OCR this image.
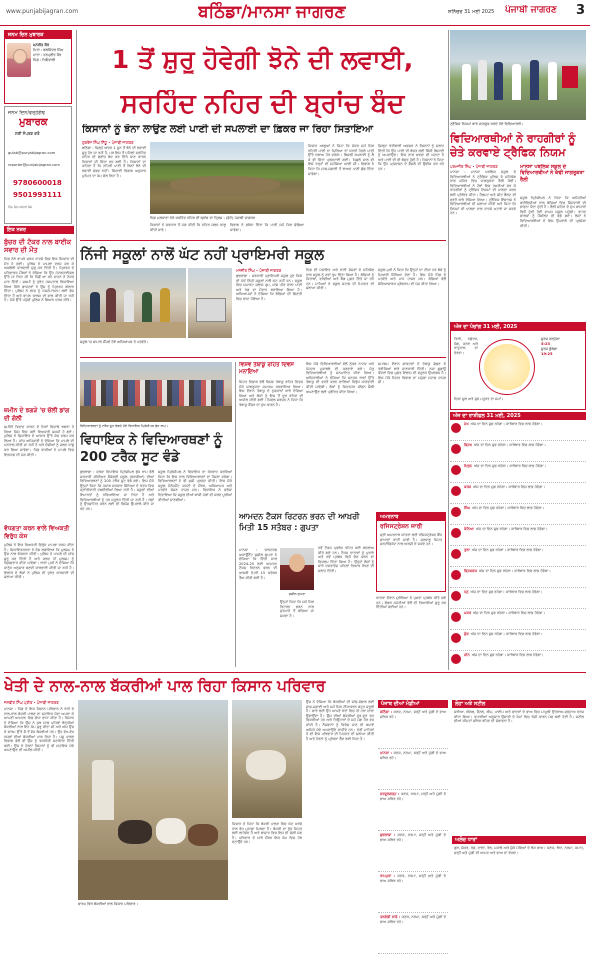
www.punjabijagran.com	ਬਠਿੰਡਾ/ਮਾਨਸਾ ਜਾਗਰਣ	ਸ਼ਨਿੱਚਰ 31 ਮਈ 2025 ਪੰਜਾਬੀ ਜਾਗਰਣ 3
ਜਨਮ ਦਿਨ ਮੁਬਾਰਕ
ਮਨਰੀਤ ਕੌਰ
ਪਿਤਾ : ਬਲਜਿੰਦਰ ਸਿੰਘ
ਮਾਤਾ : ਹਰਪ੍ਰੀਤ ਕੌਰ
ਪਿੰਡ : ਖਿਓਵਾਲੀ
ਜਨਮ ਦਿਨ/ਵਰ੍ਹੇਗੰਢ
ਮੁਬਾਰਕ
ਲਈ ਸੰਪਰਕ ਕਰੋ
gulab@punjabijagran.com
reporter@punjabijagran.com
9780600018
9501993111
ਤਿੰਨ ਦਿਨ ਪਹਿਲਾਂ ਭੇਜੋ
ਇਕ ਨਜ਼ਰ
ਬੁੱਚਰ ਦੀ ਟੱਕਰ ਨਾਲ ਬਾਈਕ ਸਵਾਰ ਦੀ ਮੌਤ

ਪਿੰਡ ਨੇੜੇ ਵਾਪਰੇ ਸੜਕ ਹਾਦਸੇ ਵਿਚ ਇਕ ਨੌਜਵਾਨ ਦੀ ਮੌਤ ਹੋ ਗਈ। ਪੁਲਿਸ ਨੇ ਮਾਮਲਾ ਦਰਜ ਕਰ ਕੇ ਅਗਲੇਰੀ ਕਾਰਵਾਈ ਸ਼ੁਰੂ ਕਰ ਦਿੱਤੀ ਹੈ। ਮ੍ਰਿਤਕ ਦੇ ਪਰਿਵਾਰਕ ਮੈਂਬਰਾਂ ਨੇ ਦੱਸਿਆ ਕਿ ਉਹ ਮੋਟਰਸਾਈਕਲ ਉੱਤੇ ਜਾ ਰਿਹਾ ਸੀ ਕਿ ਪਿੱਛੋਂ ਆ ਰਹੇ ਵਾਹਨ ਨੇ ਟੱਕਰ ਮਾਰ ਦਿੱਤੀ। ਜ਼ਖ਼ਮੀ ਨੂੰ ਤੁਰੰਤ ਹਸਪਤਾਲ ਲਿਜਾਇਆ ਗਿਆ ਜਿੱਥੇ ਡਾਕਟਰਾਂ ਨੇ ਉਸ ਨੂੰ ਮ੍ਰਿਤਕ ਐਲਾਨ ਦਿੱਤਾ। ਪੁਲਿਸ ਨੇ ਲਾਸ਼ ਨੂੰ ਪੋਸਟਮਾਰਟਮ ਲਈ ਭੇਜ ਦਿੱਤਾ ਹੈ ਅਤੇ ਵਾਹਨ ਚਾਲਕ ਦੀ ਭਾਲ ਕੀਤੀ ਜਾ ਰਹੀ ਹੈ। ਮੌਕੇ ਉੱਤੇ ਪਹੁੰਚੀ ਪੁਲਿਸ ਨੇ ਬਿਆਨ ਦਰਜ ਕੀਤੇ।

ਜ਼ਮੀਨ ਦੇ ਝਗੜੇ 'ਚ ਚੱਲੀ ਡਾਂਗ ਦੀ ਗੱਲੀ

ਜ਼ਮੀਨੀ ਵਿਵਾਦ ਕਾਰਨ ਦੋ ਧਿਰਾਂ ਵਿਚਾਲੇ ਝਗੜਾ ਹੋ ਗਿਆ ਜਿਸ ਵਿਚ ਕਈ ਵਿਅਕਤੀ ਜ਼ਖ਼ਮੀ ਹੋ ਗਏ। ਪੁਲਿਸ ਨੇ ਸ਼ਿਕਾਇਤ ਦੇ ਆਧਾਰ ਉੱਤੇ ਕੇਸ ਦਰਜ ਕਰ ਲਿਆ ਹੈ। ਜਾਂਚ ਅਧਿਕਾਰੀ ਨੇ ਦੱਸਿਆ ਕਿ ਮਾਮਲੇ ਦੀ ਪੜਤਾਲ ਕੀਤੀ ਜਾ ਰਹੀ ਹੈ ਅਤੇ ਦੋਸ਼ੀਆਂ ਨੂੰ ਜਲਦ ਕਾਬੂ ਕਰ ਲਿਆ ਜਾਵੇਗਾ। ਪਿੰਡ ਵਾਸੀਆਂ ਨੇ ਮਾਮਲੇ ਵਿਚ ਇਨਸਾਫ਼ ਦੀ ਮੰਗ ਕੀਤੀ।

ਵੱਧਗਤਾ ਕਰਨ ਵਾਲੇ ਵਿਅਕਤੀ ਵਿਰੁੱਧ ਕੇਸ

ਪੁਲਿਸ ਨੇ ਇਕ ਵਿਅਕਤੀ ਵਿਰੁੱਧ ਮਾਮਲਾ ਦਰਜ ਕੀਤਾ ਹੈ। ਸ਼ਿਕਾਇਤਕਰਤਾ ਨੇ ਦੋਸ਼ ਲਗਾਇਆ ਕਿ ਮੁਲਜ਼ਮ ਨੇ ਉਸ ਨਾਲ ਵੱਧਗਤਾ ਕੀਤੀ। ਪੁਲਿਸ ਨੇ ਮਾਮਲੇ ਦੀ ਜਾਂਚ ਸ਼ੁਰੂ ਕਰ ਦਿੱਤੀ ਹੈ ਅਤੇ ਜਲਦ ਹੀ ਮੁਲਜ਼ਮ ਨੂੰ ਗ੍ਰਿਫ਼ਤਾਰ ਕੀਤਾ ਜਾਵੇਗਾ। ਥਾਣਾ ਮੁਖੀ ਨੇ ਦੱਸਿਆ ਕਿ ਕਾਨੂੰਨ ਅਨੁਸਾਰ ਬਣਦੀ ਕਾਰਵਾਈ ਕੀਤੀ ਜਾ ਰਹੀ ਹੈ। ਇਲਾਕੇ ਦੇ ਲੋਕਾਂ ਨੇ ਪੁਲਿਸ ਦੀ ਤੁਰੰਤ ਕਾਰਵਾਈ ਦੀ ਸ਼ਲਾਘਾ ਕੀਤੀ।

1 ਤੋਂ ਸ਼ੁਰੂ ਹੋਵੇਗੀ ਝੋਨੇ ਦੀ ਲਵਾਈ,
ਸਰਹਿੰਦ ਨਹਿਰ ਦੀ ਬ੍ਰਾਂਚ ਬੰਦ
ਕਿਸਾਨਾਂ ਨੂੰ ਝੋਨਾ ਲਾਉਣ ਲਈ ਪਾਣੀ ਦੀ ਸਪਲਾਈ ਦਾ ਫ਼ਿਕਰ ਜਾ ਰਿਹਾ ਸਿਤਾਇਆ
ਗੁਰਤੇਜ ਸਿੰਘ ਸਿੱਧੂ • ਪੰਜਾਬੀ ਜਾਗਰਣ

ਬਠਿੰਡਾ : ਜ਼ਿਲ੍ਹੇ ਅੰਦਰ 1 ਜੂਨ ਤੋਂ ਝੋਨੇ ਦੀ ਲਵਾਈ ਸ਼ੁਰੂ ਹੋਣ ਜਾ ਰਹੀ ਹੈ, ਪਰ ਇਸ ਤੋਂ ਪਹਿਲਾਂ ਸਰਹਿੰਦ ਨਹਿਰ ਦੀ ਬ੍ਰਾਂਚ ਬੰਦ ਕਰ ਦਿੱਤੇ ਜਾਣ ਕਾਰਨ ਕਿਸਾਨਾਂ ਦੀ ਚਿੰਤਾ ਵਧ ਗਈ ਹੈ। ਕਿਸਾਨਾਂ ਦਾ ਕਹਿਣਾ ਹੈ ਕਿ ਨਹਿਰੀ ਪਾਣੀ ਤੋਂ ਬਿਨਾਂ ਝੋਨੇ ਦੀ ਲਵਾਈ ਸੰਭਵ ਨਹੀਂ। ਸਿੰਚਾਈ ਵਿਭਾਗ ਅਨੁਸਾਰ ਮੁਰੰਮਤ ਦਾ ਕੰਮ ਚੱਲ ਰਿਹਾ ਹੈ।

ਪਿੰਡ ਮਲਕਾਣਾ ਨੇੜੇ ਸਰਹਿੰਦ ਨਹਿਰ ਦੀ ਬ੍ਰਾਂਚ ਦਾ ਦ੍ਰਿਸ਼। (ਫ਼ੋਟੋ) ਪੰਜਾਬੀ ਜਾਗਰਣ

ਕਿਸਾਨਾਂ ਨੇ ਸਰਕਾਰ ਤੋਂ ਮੰਗ ਕੀਤੀ ਕਿ ਨਹਿਰ ਜਲਦ ਚਾਲੂ ਕੀਤੀ ਜਾਵੇ।

ਵਿਭਾਗ ਨੇ ਭਰੋਸਾ ਦਿੱਤਾ ਕਿ ਪਾਣੀ ਸਮੇਂ ਸਿਰ ਛੱਡਿਆ ਜਾਵੇਗਾ।

ਕਿਸਾਨ ਆਗੂਆਂ ਨੇ ਕਿਹਾ ਕਿ ਜੇਕਰ ਸਮੇਂ ਸਿਰ ਨਹਿਰੀ ਪਾਣੀ ਨਾ ਮਿਲਿਆ ਤਾਂ ਧਰਤੀ ਹੇਠਲੇ ਪਾਣੀ ਉੱਤੇ ਦਬਾਅ ਹੋਰ ਵਧੇਗਾ। ਬਿਜਲੀ ਸਪਲਾਈ ਨੂੰ ਲੈ ਕੇ ਵੀ ਚਿੰਤਾ ਪ੍ਰਗਟਾਈ ਗਈ। ਪਿਛਲੇ ਸਾਲ ਵੀ ਇਸੇ ਤਰ੍ਹਾਂ ਦੀ ਸਮੱਸਿਆ ਆਈ ਸੀ। ਵਿਭਾਗ ਨੇ ਕਿਹਾ ਕਿ ਸਾਫ਼-ਸਫ਼ਾਈ ਤੋਂ ਬਾਅਦ ਪਾਣੀ ਛੱਡ ਦਿੱਤਾ ਜਾਵੇਗਾ।

ਜ਼ਿਲ੍ਹਾ ਖੇਤੀਬਾੜੀ ਅਫ਼ਸਰ ਨੇ ਕਿਸਾਨਾਂ ਨੂੰ ਸਲਾਹ ਦਿੱਤੀ ਕਿ ਉਹ ਪਾਣੀ ਦੀ ਬੱਚਤ ਲਈ ਸਿੱਧੀ ਬਿਜਾਈ ਨੂੰ ਅਪਣਾਉਣ। ਇਸ ਨਾਲ ਖ਼ਰਚਾ ਵੀ ਘਟਦਾ ਹੈ ਅਤੇ ਪਾਣੀ ਦੀ ਵੀ ਬੱਚਤ ਹੁੰਦੀ ਹੈ। ਕਿਸਾਨਾਂ ਨੇ ਕਿਹਾ ਕਿ ਉਹ ਪ੍ਰਸ਼ਾਸਨ ਦੇ ਫ਼ੈਸਲੇ ਦੀ ਉਡੀਕ ਕਰ ਰਹੇ ਹਨ।

ਨਿੱਜੀ ਸਕੂਲਾਂ ਨਾਲੋਂ ਘੱਟ ਨਹੀਂ ਪ੍ਰਾਇਮਰੀ ਸਕੂਲ
ਸਕੂਲ 'ਚ ਸਾਮਾਨ ਸੌਂਪਦੇ ਹੋਏ ਅਧਿਆਪਕ ਤੇ ਪਤਵੰਤੇ।
ਮਨਜੀਤ ਸਿੰਘ • ਪੰਜਾਬੀ ਜਾਗਰਣ

ਬੁਢਲਾਡਾ : ਸਰਕਾਰੀ ਪ੍ਰਾਇਮਰੀ ਸਕੂਲ ਹੁਣ ਕਿਸੇ ਵੀ ਪੱਖੋਂ ਨਿੱਜੀ ਸਕੂਲਾਂ ਨਾਲੋਂ ਘੱਟ ਨਹੀਂ ਹਨ। ਸਕੂਲ ਵਿਚ ਸਮਾਰਟ ਕਲਾਸ ਰੂਮ, ਸਾਫ਼ ਪੀਣ ਵਾਲਾ ਪਾਣੀ ਅਤੇ ਖੇਡ ਦਾ ਮੈਦਾਨ ਬਣਾਇਆ ਗਿਆ ਹੈ। ਅਧਿਆਪਕਾਂ ਨੇ ਦੱਸਿਆ ਕਿ ਬੱਚਿਆਂ ਦੀ ਗਿਣਤੀ ਵਿਚ ਵਾਧਾ ਹੋਇਆ ਹੈ।

ਪਿੰਡ ਦੀ ਪੰਚਾਇਤ ਅਤੇ ਦਾਨੀ ਸੱਜਣਾਂ ਦੇ ਸਹਿਯੋਗ ਨਾਲ ਸਕੂਲ ਨੂੰ ਨਵਾਂ ਰੂਪ ਦਿੱਤਾ ਗਿਆ ਹੈ। ਬੱਚਿਆਂ ਨੂੰ ਕਿਤਾਬਾਂ, ਵਰਦੀਆਂ ਅਤੇ ਬੈਗ ਮੁਫ਼ਤ ਦਿੱਤੇ ਜਾ ਰਹੇ ਹਨ। ਮਾਪਿਆਂ ਨੇ ਸਕੂਲ ਸਟਾਫ਼ ਦੀ ਮਿਹਨਤ ਦੀ ਸ਼ਲਾਘਾ ਕੀਤੀ।

ਸਕੂਲ ਮੁਖੀ ਨੇ ਕਿਹਾ ਕਿ ਉਨ੍ਹਾਂ ਦਾ ਟੀਚਾ ਹਰ ਬੱਚੇ ਨੂੰ ਮਿਆਰੀ ਸਿੱਖਿਆ ਦੇਣਾ ਹੈ। ਇਸ ਮੌਕੇ ਪਿੰਡ ਦੇ ਪਤਵੰਤੇ ਅਤੇ ਮਾਪੇ ਹਾਜ਼ਰ ਸਨ। ਬੱਚਿਆਂ ਵੱਲੋਂ ਸੱਭਿਆਚਾਰਕ ਪ੍ਰੋਗਰਾਮ ਵੀ ਪੇਸ਼ ਕੀਤਾ ਗਿਆ।

ਵਿਦਿਆਰਥਣਾਂ ਨੂੰ ਟਰੈਕ ਸੂਟ ਵੰਡਦੇ ਹੋਏ ਵਿਧਾਇਕ ਪ੍ਰਿੰਸੀਪਲ ਬੁੱਧ ਰਾਮ।
ਵਿਧਾਇਕ ਨੇ ਵਿਦਿਆਰਥਣਾਂ ਨੂੰ 200 ਟਰੈਕ ਸੂਟ ਵੰਡੇ

ਬੁਢਲਾਡਾ : ਹਲਕਾ ਵਿਧਾਇਕ ਪ੍ਰਿੰਸੀਪਲ ਬੁੱਧ ਰਾਮ ਵੱਲੋਂ ਸਰਕਾਰੀ ਸੀਨੀਅਰ ਸੈਕੰਡਰੀ ਸਕੂਲ (ਲੜਕੀਆਂ) ਦੀਆਂ ਵਿਦਿਆਰਥਣਾਂ ਨੂੰ 200 ਟਰੈਕ ਸੂਟ ਵੰਡੇ ਗਏ। ਇਸ ਮੌਕੇ ਉਨ੍ਹਾਂ ਕਿਹਾ ਕਿ ਪੰਜਾਬ ਸਰਕਾਰ ਸਿੱਖਿਆ ਦੇ ਖੇਤਰ ਵਿਚ ਕ੍ਰਾਂਤੀਕਾਰੀ ਤਬਦੀਲੀਆਂ ਲਿਆ ਰਹੀ ਹੈ। ਸਕੂਲਾਂ ਦੀਆਂ ਇਮਾਰਤਾਂ ਨੂੰ ਨਵਿਆਇਆ ਜਾ ਰਿਹਾ ਹੈ ਅਤੇ ਵਿਦਿਆਰਥੀਆਂ ਨੂੰ ਹਰ ਸਹੂਲਤ ਦਿੱਤੀ ਜਾ ਰਹੀ ਹੈ। ਖੇਡਾਂ ਨੂੰ ਉਤਸ਼ਾਹਿਤ ਕਰਨ ਲਈ ਵੀ ਵਿਸ਼ੇਸ਼ ਉਪਰਾਲੇ ਕੀਤੇ ਜਾ ਰਹੇ ਹਨ।

ਸਕੂਲ ਪ੍ਰਿੰਸੀਪਲ ਨੇ ਵਿਧਾਇਕ ਦਾ ਧੰਨਵਾਦ ਕਰਦਿਆਂ ਕਿਹਾ ਕਿ ਇਸ ਨਾਲ ਵਿਦਿਆਰਥਣਾਂ ਦਾ ਹੌਸਲਾ ਵਧੇਗਾ। ਵਿਦਿਆਰਥਣਾਂ ਨੇ ਵੀ ਖ਼ੁਸ਼ੀ ਪ੍ਰਗਟ ਕੀਤੀ। ਇਸ ਮੌਕੇ ਸਕੂਲ ਮੈਨੇਜਮੈਂਟ ਕਮੇਟੀ ਦੇ ਮੈਂਬਰ, ਅਧਿਆਪਕ ਅਤੇ ਪਤਵੰਤੇ ਸੱਜਣ ਹਾਜ਼ਰ ਸਨ। ਵਿਧਾਇਕ ਨੇ ਭਰੋਸਾ ਦਿਵਾਇਆ ਕਿ ਸਕੂਲ ਦੀਆਂ ਬਾਕੀ ਮੰਗਾਂ ਵੀ ਜਲਦ ਪੂਰੀਆਂ ਕੀਤੀਆਂ ਜਾਣਗੀਆਂ।

ਵਿਸ਼ਵ ਤੰਬਾਕੂ ਰਹਿਤ ਦਿਵਸ ਮਨਾਇਆ

ਸਿਹਤ ਵਿਭਾਗ ਵੱਲੋਂ ਵਿਸ਼ਵ ਤੰਬਾਕੂ ਰਹਿਤ ਦਿਵਸ ਮੌਕੇ ਜਾਗਰੂਕਤਾ ਸਮਾਗਮ ਕਰਵਾਇਆ ਗਿਆ। ਇਸ ਦੌਰਾਨ ਤੰਬਾਕੂ ਦੇ ਨੁਕਸਾਨਾਂ ਬਾਰੇ ਦੱਸਿਆ ਗਿਆ ਅਤੇ ਲੋਕਾਂ ਨੂੰ ਇਸ ਤੋਂ ਦੂਰ ਰਹਿਣ ਦੀ ਅਪੀਲ ਕੀਤੀ ਗਈ। ਸਿਵਲ ਸਰਜਨ ਨੇ ਕਿਹਾ ਕਿ ਤੰਬਾਕੂ ਕੈਂਸਰ ਦਾ ਮੁੱਖ ਕਾਰਨ ਹੈ।

ਇਸ ਮੌਕੇ ਵਿਦਿਆਰਥੀਆਂ ਵੱਲੋਂ ਨੁੱਕੜ ਨਾਟਕ ਅਤੇ ਪੋਸਟਰ ਮੁਕਾਬਲੇ ਵੀ ਕਰਵਾਏ ਗਏ। ਜੇਤੂ ਵਿਦਿਆਰਥੀਆਂ ਨੂੰ ਸਨਮਾਨਿਤ ਕੀਤਾ ਗਿਆ। ਅਧਿਕਾਰੀਆਂ ਨੇ ਦੱਸਿਆ ਕਿ ਜਨਤਕ ਥਾਵਾਂ ਉੱਤੇ ਤੰਬਾਕੂ ਦੀ ਵਰਤੋਂ ਕਰਨ ਵਾਲਿਆਂ ਵਿਰੁੱਧ ਕਾਰਵਾਈ ਕੀਤੀ ਜਾਵੇਗੀ। ਲੋਕਾਂ ਨੂੰ ਸਿਹਤਮੰਦ ਜੀਵਨ ਸ਼ੈਲੀ ਅਪਣਾਉਣ ਲਈ ਪ੍ਰੇਰਿਤ ਕੀਤਾ ਗਿਆ।

ਸਮਾਗਮ ਦੌਰਾਨ ਡਾਕਟਰਾਂ ਨੇ ਤੰਬਾਕੂ ਛੱਡਣ ਦੇ ਤਰੀਕਿਆਂ ਬਾਰੇ ਜਾਣਕਾਰੀ ਦਿੱਤੀ। ਨਸ਼ਾ ਛੁਡਾਊ ਕੇਂਦਰਾਂ ਵਿਚ ਮੁਫ਼ਤ ਇਲਾਜ ਦੀ ਸਹੂਲਤ ਉਪਲਬਧ ਹੈ। ਇਸ ਮੌਕੇ ਸਿਹਤ ਵਿਭਾਗ ਦਾ ਸਮੁੱਚਾ ਸਟਾਫ਼ ਹਾਜ਼ਰ ਸੀ।

ਆਮਦਨ ਟੈਕਸ ਰਿਟਰਨ ਭਰਨ ਦੀ ਆਖ਼ਰੀ ਮਿਤੀ 15 ਸਤੰਬਰ : ਗੁਪਤਾ

ਮਾਨਸਾ : ਚਾਰਟਰਡ ਅਕਾਊਂਟੈਂਟ ਸੁਸ਼ੀਲ ਗੁਪਤਾ ਨੇ ਦੱਸਿਆ ਕਿ ਵਿੱਤੀ ਸਾਲ 2024-25 ਲਈ ਆਮਦਨ ਟੈਕਸ ਰਿਟਰਨ ਭਰਨ ਦੀ ਆਖ਼ਰੀ ਮਿਤੀ 15 ਸਤੰਬਰ ਤੈਅ ਕੀਤੀ ਗਈ ਹੈ।

ਸੁਸ਼ੀਲ ਗੁਪਤਾ

ਉਨ੍ਹਾਂ ਕਿਹਾ ਕਿ ਸਮੇਂ ਸਿਰ ਰਿਟਰਨ ਭਰਨ ਨਾਲ ਜੁਰਮਾਨੇ ਤੋਂ ਬਚਿਆ ਜਾ ਸਕਦਾ ਹੈ।

ਨਵੇਂ ਟੈਕਸ ਪ੍ਰਬੰਧ ਤਹਿਤ ਕਈ ਬਦਲਾਅ ਕੀਤੇ ਗਏ ਹਨ। ਟੈਕਸ ਦਾਤਾਵਾਂ ਨੂੰ ਪੁਰਾਣੇ ਅਤੇ ਨਵੇਂ ਪ੍ਰਬੰਧ ਵਿਚੋਂ ਚੋਣ ਕਰਨ ਦਾ ਵਿਕਲਪ ਦਿੱਤਾ ਗਿਆ ਹੈ। ਉਨ੍ਹਾਂ ਲੋਕਾਂ ਨੂੰ ਸਾਰੇ ਦਸਤਾਵੇਜ਼ ਪਹਿਲਾਂ ਤਿਆਰ ਰੱਖਣ ਦੀ ਸਲਾਹ ਦਿੱਤੀ।

ਅਮਰਨਾਥ
ਰਜਿਸਟ੍ਰੇਸ਼ਨ ਜਾਰੀ
ਸ੍ਰੀ ਅਮਰਨਾਥ ਯਾਤਰਾ ਲਈ ਰਜਿਸਟ੍ਰੇਸ਼ਨ ਬੈਂਕ ਸ਼ਾਖਾਵਾਂ ਰਾਹੀਂ ਜਾਰੀ ਹੈ। ਸ਼ਰਧਾਲੂ ਸਿਹਤ ਸਰਟੀਫ਼ਿਕੇਟ ਨਾਲ ਅਰਜ਼ੀ ਦੇ ਸਕਦੇ ਹਨ।

ਯਾਤਰਾ ਦੌਰਾਨ ਸੁਰੱਖਿਆ ਦੇ ਪੁਖ਼ਤਾ ਪ੍ਰਬੰਧ ਕੀਤੇ ਗਏ ਹਨ। ਲੰਗਰ ਕਮੇਟੀਆਂ ਵੱਲੋਂ ਵੀ ਤਿਆਰੀਆਂ ਸ਼ੁਰੂ ਕਰ ਦਿੱਤੀਆਂ ਗਈਆਂ ਹਨ।

ਟ੍ਰੈਫਿਕ ਨਿਯਮਾਂ ਬਾਰੇ ਜਾਗਰੂਕ ਕਰਦੇ ਹੋਏ ਵਿਦਿਆਰਥੀ।
ਵਿਦਿਆਰਥੀਆਂ ਨੇ ਰਾਹਗੀਰਾਂ ਨੂੰ ਚੇਤੇ ਕਰਵਾਏ ਟ੍ਰੈਫਿਕ ਨਿਯਮ
ਪਰਮਜੀਤ ਸਿੰਘ • ਪੰਜਾਬੀ ਜਾਗਰਣ

ਮਾਨਸਾ : ਮਾਨਸਾ ਪਬਲਿਕ ਸਕੂਲ ਦੇ ਵਿਦਿਆਰਥੀਆਂ ਨੇ ਟ੍ਰੈਫਿਕ ਪੁਲਿਸ ਦੇ ਸਹਿਯੋਗ ਨਾਲ ਸ਼ਹਿਰ ਵਿਚ ਜਾਗਰੂਕਤਾ ਰੈਲੀ ਕੱਢੀ। ਵਿਦਿਆਰਥੀਆਂ ਨੇ ਹੱਥਾਂ ਵਿਚ ਤਖ਼ਤੀਆਂ ਫੜ ਕੇ ਰਾਹਗੀਰਾਂ ਨੂੰ ਟ੍ਰੈਫਿਕ ਨਿਯਮਾਂ ਦੀ ਪਾਲਣਾ ਕਰਨ ਲਈ ਪ੍ਰੇਰਿਤ ਕੀਤਾ। ਹੈਲਮਟ ਅਤੇ ਸੀਟ ਬੈਲਟ ਦੀ ਵਰਤੋਂ ਬਾਰੇ ਦੱਸਿਆ ਗਿਆ। ਟ੍ਰੈਫਿਕ ਇੰਚਾਰਜ ਨੇ ਵਿਦਿਆਰਥੀਆਂ ਦੀ ਸ਼ਲਾਘਾ ਕੀਤੀ ਅਤੇ ਕਿਹਾ ਕਿ ਨਿਯਮਾਂ ਦੀ ਪਾਲਣਾ ਨਾਲ ਹਾਦਸੇ ਘਟਾਏ ਜਾ ਸਕਦੇ ਹਨ।

ਮਾਨਸਾ ਪਬਲਿਕ ਸਕੂਲ ਦੇ ਵਿਦਿਆਰਥੀਆਂ ਨੇ ਕੱਢੀ ਜਾਗਰੂਕਤਾ ਰੈਲੀ

ਸਕੂਲ ਪ੍ਰਿੰਸੀਪਲ ਨੇ ਕਿਹਾ ਕਿ ਅਜਿਹੀਆਂ ਗਤੀਵਿਧੀਆਂ ਨਾਲ ਬੱਚਿਆਂ ਵਿਚ ਜ਼ਿੰਮੇਵਾਰੀ ਦੀ ਭਾਵਨਾ ਪੈਦਾ ਹੁੰਦੀ ਹੈ। ਰੈਲੀ ਸ਼ਹਿਰ ਦੇ ਮੁੱਖ ਬਾਜ਼ਾਰਾਂ ਵਿਚੋਂ ਹੁੰਦੀ ਹੋਈ ਵਾਪਸ ਸਕੂਲ ਪਹੁੰਚੀ। ਵਾਹਨ ਚਾਲਕਾਂ ਨੂੰ ਪੈਂਫਲਿਟ ਵੀ ਵੰਡੇ ਗਏ। ਲੋਕਾਂ ਨੇ ਵਿਦਿਆਰਥੀਆਂ ਦੇ ਇਸ ਉਪਰਾਲੇ ਦੀ ਪ੍ਰਸ਼ੰਸਾ ਕੀਤੀ।

ਅੱਜ ਦਾ ਪੰਚਾਂਗ 31 ਮਈ, 2025
ਸੂਰਜ ਚੜ੍ਹੇਗਾ
5:23
ਸੂਰਜ ਡੁੱਬੇਗਾ
19:25
ਤਿਥੀ, ਨਛੱਤਰ, ਯੋਗ, ਕਰਣ ਅਤੇ ਰਾਹੂਕਾਲ ਦਾ ਵੇਰਵਾ।
ਦਿਸ਼ਾ ਸ਼ੂਲ ਅਤੇ ਸ਼ੁਭ ਮਹੂਰਤ ਦਾ ਸਮਾਂ।
ਅੱਜ ਦਾ ਰਾਸ਼ੀਫਲ 31 ਮਈ, 2025
ਮੇਖ ਅੱਜ ਦਾ ਦਿਨ ਸ਼ੁਭ ਰਹੇਗਾ। ਕਾਰੋਬਾਰ ਵਿਚ ਲਾਭ ਹੋਵੇਗਾ।
ਬ੍ਰਿਖ ਅੱਜ ਦਾ ਦਿਨ ਸ਼ੁਭ ਰਹੇਗਾ। ਕਾਰੋਬਾਰ ਵਿਚ ਲਾਭ ਹੋਵੇਗਾ।
ਮਿਥੁਨ ਅੱਜ ਦਾ ਦਿਨ ਸ਼ੁਭ ਰਹੇਗਾ। ਕਾਰੋਬਾਰ ਵਿਚ ਲਾਭ ਹੋਵੇਗਾ।
ਕਰਕ ਅੱਜ ਦਾ ਦਿਨ ਸ਼ੁਭ ਰਹੇਗਾ। ਕਾਰੋਬਾਰ ਵਿਚ ਲਾਭ ਹੋਵੇਗਾ।
ਸਿੰਘ ਅੱਜ ਦਾ ਦਿਨ ਸ਼ੁਭ ਰਹੇਗਾ। ਕਾਰੋਬਾਰ ਵਿਚ ਲਾਭ ਹੋਵੇਗਾ।
ਕੰਨਿਆ ਅੱਜ ਦਾ ਦਿਨ ਸ਼ੁਭ ਰਹੇਗਾ। ਕਾਰੋਬਾਰ ਵਿਚ ਲਾਭ ਹੋਵੇਗਾ।
ਤੁਲਾ ਅੱਜ ਦਾ ਦਿਨ ਸ਼ੁਭ ਰਹੇਗਾ। ਕਾਰੋਬਾਰ ਵਿਚ ਲਾਭ ਹੋਵੇਗਾ।
ਬ੍ਰਿਸ਼ਚਕ ਅੱਜ ਦਾ ਦਿਨ ਸ਼ੁਭ ਰਹੇਗਾ। ਕਾਰੋਬਾਰ ਵਿਚ ਲਾਭ ਹੋਵੇਗਾ।
ਧਨੁ ਅੱਜ ਦਾ ਦਿਨ ਸ਼ੁਭ ਰਹੇਗਾ। ਕਾਰੋਬਾਰ ਵਿਚ ਲਾਭ ਹੋਵੇਗਾ।
ਮਕਰ ਅੱਜ ਦਾ ਦਿਨ ਸ਼ੁਭ ਰਹੇਗਾ। ਕਾਰੋਬਾਰ ਵਿਚ ਲਾਭ ਹੋਵੇਗਾ।
ਕੁੰਭ ਅੱਜ ਦਾ ਦਿਨ ਸ਼ੁਭ ਰਹੇਗਾ। ਕਾਰੋਬਾਰ ਵਿਚ ਲਾਭ ਹੋਵੇਗਾ।
ਮੀਨ ਅੱਜ ਦਾ ਦਿਨ ਸ਼ੁਭ ਰਹੇਗਾ। ਕਾਰੋਬਾਰ ਵਿਚ ਲਾਭ ਹੋਵੇਗਾ।
ਖੇਤੀ ਦੇ ਨਾਲ-ਨਾਲ ਬੱਕਰੀਆਂ ਪਾਲ ਰਿਹਾ ਕਿਸਾਨ ਪਰਿਵਾਰ
ਜਸਵੀਰ ਸਿੰਘ ਪ੍ਰੀਤ • ਪੰਜਾਬੀ ਜਾਗਰਣ

ਮਾਨਸਾ : ਪਿੰਡ ਦੇ ਇਕ ਕਿਸਾਨ ਪਰਿਵਾਰ ਨੇ ਖੇਤੀ ਦੇ ਨਾਲ-ਨਾਲ ਬੱਕਰੀ ਪਾਲਣ ਦਾ ਸਹਾਇਕ ਧੰਦਾ ਅਪਣਾ ਕੇ ਆਪਣੀ ਆਮਦਨ ਵਿਚ ਚੋਖਾ ਵਾਧਾ ਕੀਤਾ ਹੈ। ਕਿਸਾਨ ਨੇ ਦੱਸਿਆ ਕਿ ਉਸ ਨੇ ਕੁਝ ਸਾਲ ਪਹਿਲਾਂ ਥੋੜ੍ਹੀਆਂ ਬੱਕਰੀਆਂ ਨਾਲ ਇਹ ਕੰਮ ਸ਼ੁਰੂ ਕੀਤਾ ਸੀ ਅਤੇ ਅੱਜ ਉਸ ਦੇ ਫਾਰਮ ਉੱਤੇ ਸੌ ਤੋਂ ਵੱਧ ਬੱਕਰੀਆਂ ਹਨ। ਉਹ ਵੱਖ-ਵੱਖ ਨਸਲਾਂ ਦੀਆਂ ਬੱਕਰੀਆਂ ਪਾਲ ਰਿਹਾ ਹੈ। ਪਸ਼ੂ ਪਾਲਣ ਵਿਭਾਗ ਵੱਲੋਂ ਵੀ ਉਸ ਨੂੰ ਤਕਨੀਕੀ ਸਹਾਇਤਾ ਦਿੱਤੀ ਗਈ। ਉਸ ਨੇ ਹੋਰਨਾਂ ਕਿਸਾਨਾਂ ਨੂੰ ਵੀ ਸਹਾਇਕ ਧੰਦੇ ਅਪਣਾਉਣ ਦੀ ਅਪੀਲ ਕੀਤੀ।

ਫਾਰਮ ਵਿਖੇ ਬੱਕਰੀਆਂ ਨਾਲ ਕਿਸਾਨ ਪਰਿਵਾਰ।

ਕਿਸਾਨ ਨੇ ਕਿਹਾ ਕਿ ਬੱਕਰੀ ਪਾਲਣ ਵਿਚ ਘੱਟ ਖ਼ਰਚੇ ਨਾਲ ਵੱਧ ਮੁਨਾਫ਼ਾ ਮਿਲਦਾ ਹੈ। ਬੱਕਰੀ ਦਾ ਦੁੱਧ ਸਿਹਤ ਲਈ ਲਾਹੇਵੰਦ ਹੈ ਅਤੇ ਬਾਜ਼ਾਰ ਵਿਚ ਇਸ ਦੀ ਚੰਗੀ ਮੰਗ ਹੈ। ਪਰਿਵਾਰ ਦੇ ਸਾਰੇ ਮੈਂਬਰ ਇਸ ਕੰਮ ਵਿਚ ਹੱਥ ਵਟਾਉਂਦੇ ਹਨ।

ਉਸ ਨੇ ਦੱਸਿਆ ਕਿ ਬੱਕਰੀਆਂ ਦੀ ਸਾਂਭ-ਸੰਭਾਲ ਲਈ ਸਾਫ਼-ਸਫ਼ਾਈ ਅਤੇ ਸਮੇਂ ਸਿਰ ਟੀਕਾਕਰਨ ਬਹੁਤ ਜ਼ਰੂਰੀ ਹੈ। ਚਾਰੇ ਲਈ ਉਹ ਆਪਣੇ ਖੇਤਾਂ ਵਿਚ ਹੀ ਹਰਾ ਚਾਰਾ ਉਗਾਉਂਦਾ ਹੈ। ਉਸ ਦੀਆਂ ਬੱਕਰੀਆਂ ਦੂਰ-ਦੂਰ ਤਕ ਵਿਕਦੀਆਂ ਹਨ ਅਤੇ ਤਿਉਹਾਰਾਂ ਦੇ ਸਮੇਂ ਮੰਗ ਹੋਰ ਵਧ ਜਾਂਦੀ ਹੈ। ਨੌਜਵਾਨਾਂ ਨੂੰ ਵਿਦੇਸ਼ ਜਾਣ ਦੀ ਬਜਾਏ ਅਜਿਹੇ ਧੰਦੇ ਅਪਣਾਉਣੇ ਚਾਹੀਦੇ ਹਨ। ਖੇਤੀ ਮਾਹਿਰਾਂ ਨੇ ਵੀ ਇਸ ਪਰਿਵਾਰ ਦੀ ਮਿਹਨਤ ਦੀ ਸ਼ਲਾਘਾ ਕੀਤੀ ਹੈ ਅਤੇ ਹੋਰਨਾਂ ਨੂੰ ਪ੍ਰੇਰਨਾ ਲੈਣ ਲਈ ਕਿਹਾ ਹੈ।

ਪੰਜਾਬ ਦੀਆਂ ਮੰਡੀਆਂ
ਬਠਿੰਡਾ : ਕਣਕ, ਨਰਮਾ, ਸਰ੍ਹੋਂ ਅਤੇ ਮੂੰਗੀ ਦੇ ਭਾਅ ਸਥਿਰ ਰਹੇ।
ਮਾਨਸਾ : ਕਣਕ, ਨਰਮਾ, ਸਰ੍ਹੋਂ ਅਤੇ ਮੂੰਗੀ ਦੇ ਭਾਅ ਸਥਿਰ ਰਹੇ।
ਸਰਦੂਲਗੜ੍ਹ : ਕਣਕ, ਨਰਮਾ, ਸਰ੍ਹੋਂ ਅਤੇ ਮੂੰਗੀ ਦੇ ਭਾਅ ਸਥਿਰ ਰਹੇ।
ਬੁਢਲਾਡਾ : ਕਣਕ, ਨਰਮਾ, ਸਰ੍ਹੋਂ ਅਤੇ ਮੂੰਗੀ ਦੇ ਭਾਅ ਸਥਿਰ ਰਹੇ।
ਰਾਮਪੁਰਾ : ਕਣਕ, ਨਰਮਾ, ਸਰ੍ਹੋਂ ਅਤੇ ਮੂੰਗੀ ਦੇ ਭਾਅ ਸਥਿਰ ਰਹੇ।
ਤਲਵੰਡੀ ਸਾਬੋ : ਕਣਕ, ਨਰਮਾ, ਸਰ੍ਹੋਂ ਅਤੇ ਮੂੰਗੀ ਦੇ ਭਾਅ ਸਥਿਰ ਰਹੇ।
ਲੋਹਾ ਅਤੇ ਸਟੀਲ

ਸਰੀਆ, ਐਂਗਲ, ਚੈਨਲ, ਬੀਮ, ਪਾਈਪ ਅਤੇ ਚਾਦਰਾਂ ਦੇ ਭਾਅ ਵਿਚ ਮਾਮੂਲੀ ਉਤਰਾਅ-ਚੜ੍ਹਾਅ ਦਰਜ ਕੀਤਾ ਗਿਆ। ਵਪਾਰੀਆਂ ਅਨੁਸਾਰ ਉਸਾਰੀ ਦੇ ਕੰਮਾਂ ਵਿਚ ਤੇਜ਼ੀ ਕਾਰਨ ਮੰਗ ਬਣੀ ਹੋਈ ਹੈ। ਸਟੀਲ ਦੀਆਂ ਕੀਮਤਾਂ ਸਥਿਰ ਰਹਿਣ ਦੀ ਸੰਭਾਵਨਾ ਹੈ।

ਅਲੋਚ ਧਾਰਾਂ

ਗੁੜ, ਸ਼ੱਕਰ, ਖੰਡ, ਦਾਲਾਂ, ਤੇਲ, ਮਸਾਲੇ ਅਤੇ ਸੁੱਕੇ ਮੇਵਿਆਂ ਦੇ ਥੋਕ ਭਾਅ। ਕਣਕ, ਝੋਨਾ, ਨਰਮਾ, ਕਪਾਹ, ਸਰ੍ਹੋਂ ਅਤੇ ਮੂੰਗੀ ਦੀ ਆਮਦ ਅਤੇ ਭਾਅ ਦਾ ਵੇਰਵਾ।
